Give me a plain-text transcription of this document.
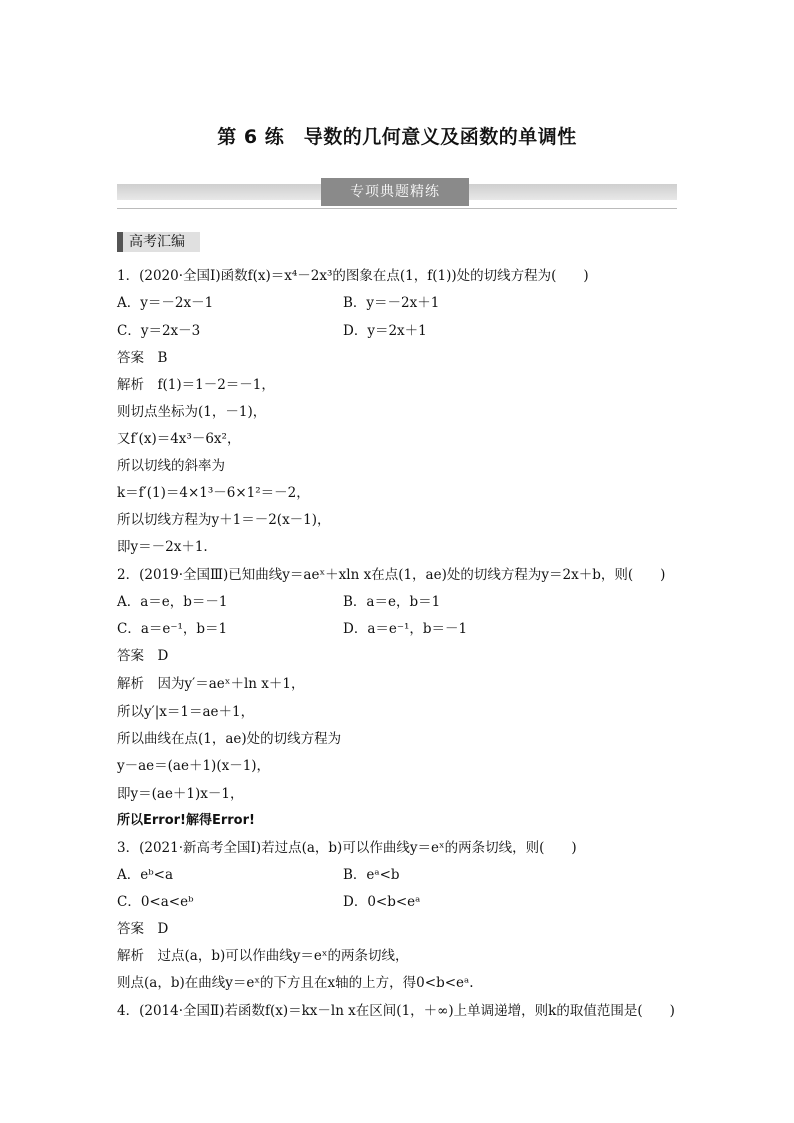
第 6 练　导数的几何意义及函数的单调性
专项典题精练
高考汇编
1．(2020·全国Ⅰ)函数f(x)＝x⁴－2x³的图象在点(1，f(1))处的切线方程为(　　)
A．y＝－2x－1	B．y＝－2x＋1
C．y＝2x－3	D．y＝2x＋1
答案　B
解析　f(1)＝1－2＝－1，
则切点坐标为(1，－1)，
又f′(x)＝4x³－6x²，
所以切线的斜率为
k＝f′(1)＝4×1³－6×1²＝－2，
所以切线方程为y＋1＝－2(x－1)，
即y＝－2x＋1.
2．(2019·全国Ⅲ)已知曲线y＝aeˣ＋xln x在点(1，ae)处的切线方程为y＝2x＋b，则(　　)
A．a＝e，b＝－1	B．a＝e，b＝1
C．a＝e⁻¹，b＝1	D．a＝e⁻¹，b＝－1
答案　D
解析　因为y′＝aeˣ＋ln x＋1，
所以y′|x＝1＝ae＋1，
所以曲线在点(1，ae)处的切线方程为
y－ae＝(ae＋1)(x－1)，
即y＝(ae＋1)x－1，
所以Error!解得Error!
3．(2021·新高考全国Ⅰ)若过点(a，b)可以作曲线y＝eˣ的两条切线，则(　　)
A．eᵇ<a	B．eᵃ<b
C．0<a<eᵇ	D．0<b<eᵃ
答案　D
解析　过点(a，b)可以作曲线y＝eˣ的两条切线，
则点(a，b)在曲线y＝eˣ的下方且在x轴的上方，得0<b<eᵃ.
4．(2014·全国Ⅱ)若函数f(x)＝kx－ln x在区间(1，＋∞)上单调递增，则k的取值范围是(　　)
